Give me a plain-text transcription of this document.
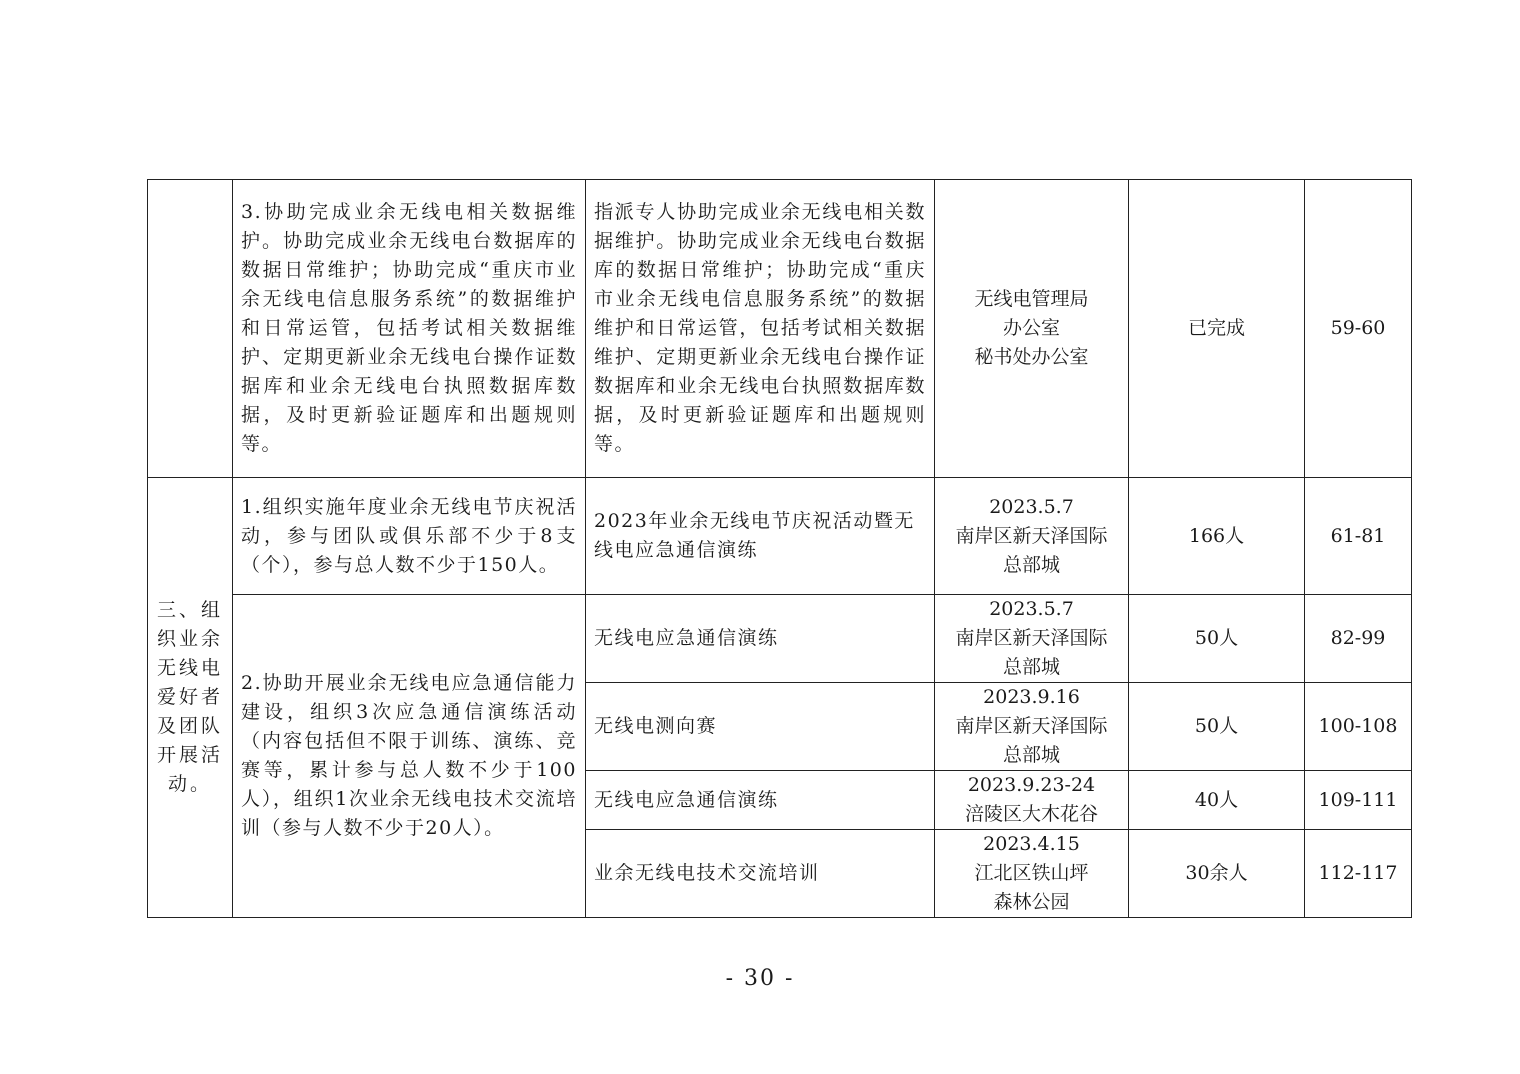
	3.协助完成业余无线电相关数据维护。协助完成业余无线电台数据库的数据日常维护；协助完成“重庆市业余无线电信息服务系统”的数据维护和日常运管，包括考试相关数据维护、定期更新业余无线电台操作证数据库和业余无线电台执照数据库数据，及时更新验证题库和出题规则等。	指派专人协助完成业余无线电相关数据维护。协助完成业余无线电台数据库的数据日常维护；协助完成“重庆市业余无线电信息服务系统”的数据维护和日常运管，包括考试相关数据维护、定期更新业余无线电台操作证数据库和业余无线电台执照数据库数据，及时更新验证题库和出题规则等。	无线电管理局
办公室
秘书处办公室	已完成	59-60
三、组织业余无线电爱好者及团队开展活动。	1.组织实施年度业余无线电节庆祝活动，参与团队或俱乐部不少于8支（个），参与总人数不少于150人。	2023年业余无线电节庆祝活动暨无线电应急通信演练	2023.5.7
南岸区新天泽国际
总部城	166人	61-81
	2.协助开展业余无线电应急通信能力建设，组织3次应急通信演练活动（内容包括但不限于训练、演练、竞赛等，累计参与总人数不少于100人），组织1次业余无线电技术交流培训（参与人数不少于20人）。	无线电应急通信演练	2023.5.7
南岸区新天泽国际
总部城	50人	82-99
		无线电测向赛	2023.9.16
南岸区新天泽国际
总部城	50人	100-108
		无线电应急通信演练	2023.9.23-24
涪陵区大木花谷	40人	109-111
		业余无线电技术交流培训	2023.4.15
江北区铁山坪
森林公园	30余人	112-117
- 30 -
